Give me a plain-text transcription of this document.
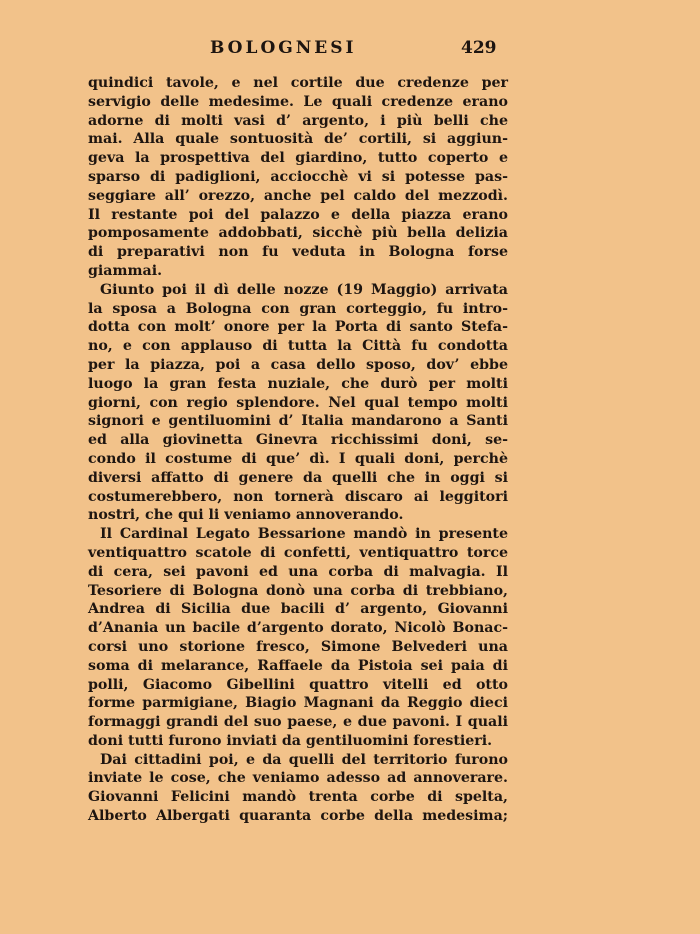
BOLOGNESI	429
quindici tavole, e nel cortile due credenze per
servigio delle medesime. Le quali credenze erano
adorne di molti vasi d’ argento, i più belli che
mai. Alla quale sontuosità de’ cortili, si aggiun-
geva la prospettiva del giardino, tutto coperto e
sparso di padiglioni, acciocchè vi si potesse pas-
seggiare all’ orezzo, anche pel caldo del mezzodì.
Il restante poi del palazzo e della piazza erano
pomposamente addobbati, sicchè più bella delizia
di preparativi non fu veduta in Bologna forse
giammai.
Giunto poi il dì delle nozze (19 Maggio) arrivata
la sposa a Bologna con gran corteggio, fu intro-
dotta con molt’ onore per la Porta di santo Stefa-
no, e con applauso di tutta la Città fu condotta
per la piazza, poi a casa dello sposo, dov’ ebbe
luogo la gran festa nuziale, che durò per molti
giorni, con regio splendore. Nel qual tempo molti
signori e gentiluomini d’ Italia mandarono a Santi
ed alla giovinetta Ginevra ricchissimi doni, se-
condo il costume di que’ dì. I quali doni, perchè
diversi affatto di genere da quelli che in oggi si
costumerebbero, non tornerà discaro ai leggitori
nostri, che qui li veniamo annoverando.
Il Cardinal Legato Bessarione mandò in presente
ventiquattro scatole di confetti, ventiquattro torce
di cera, sei pavoni ed una corba di malvagia. Il
Tesoriere di Bologna donò una corba di trebbiano,
Andrea di Sicilia due bacili d’ argento, Giovanni
d’Anania un bacile d’argento dorato, Nicolò Bonac-
corsi uno storione fresco, Simone Belvederi una
soma di melarance, Raffaele da Pistoia sei paia di
polli, Giacomo Gibellini quattro vitelli ed otto
forme parmigiane, Biagio Magnani da Reggio dieci
formaggi grandi del suo paese, e due pavoni. I quali
doni tutti furono inviati da gentiluomini forestieri.
Dai cittadini poi, e da quelli del territorio furono
inviate le cose, che veniamo adesso ad annoverare.
Giovanni Felicini mandò trenta corbe di spelta,
Alberto Albergati quaranta corbe della medesima;
